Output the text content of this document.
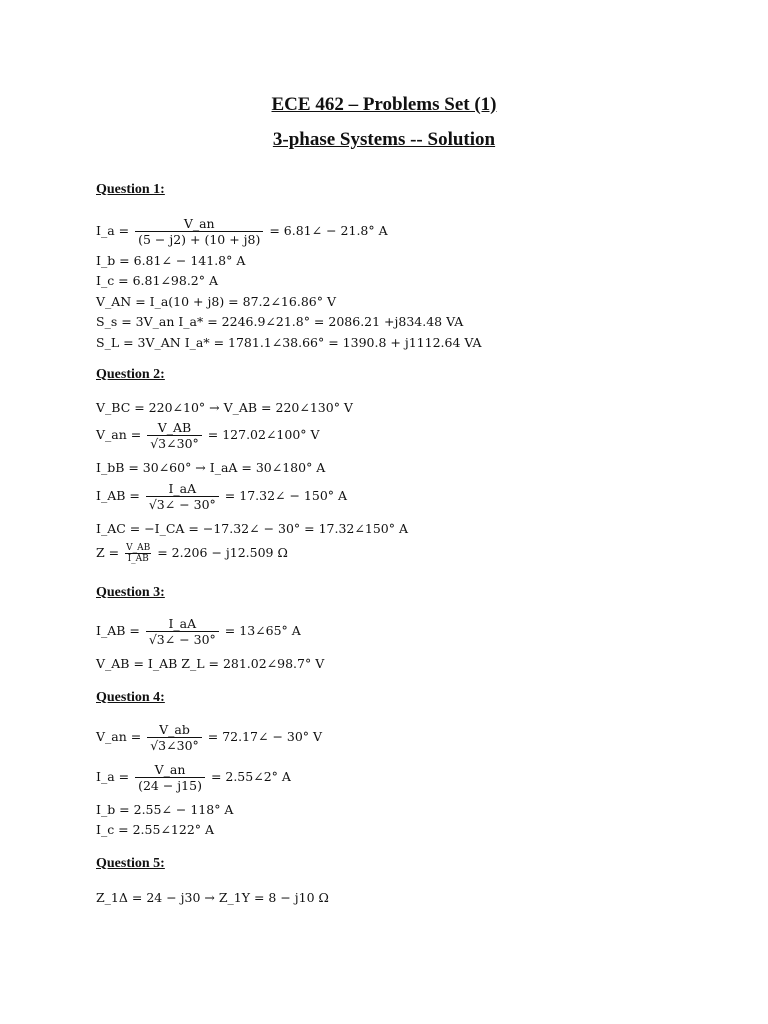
ECE 462 – Problems Set (1)
3-phase Systems -- Solution
Question 1:
I_a = $\frac{V\_an}{(5 - j2) + (10 + j8)}$ = 6.81∠ − 21.8° A
I_b = 6.81∠ − 141.8° A
I_c = 6.81∠98.2° A
V_AN = I_a(10 + j8) = 87.2∠16.86° V
S_s = 3V_an I_a* = 2246.9∠21.8° = 2086.21 +j834.48 VA
S_L = 3V_AN I_a* = 1781.1∠38.66° = 1390.8 + j1112.64 VA
Question 2:
V_BC = 220∠10° → V_AB = 220∠130° V
V_an = $\frac{V\_AB}{√3\angle 30^\circ}$ = 127.02∠100° V
I_bB = 30∠60° → I_aA = 30∠180° A
I_AB = $\frac{I\_aA}{√3\angle - 30^\circ}$ = 17.32∠ − 150° A
I_AC = −I_CA = −17.32∠ − 30° = 17.32∠150° A
$Z = \frac{V\_AB}{I\_AB} = 2.206 - j12.509$ Ω
Question 3:
I_AB = $\frac{I\_aA}{√3\angle - 30^\circ}$ = 13∠65° A
V_AB = I_AB Z_L = 281.02∠98.7° V
Question 4:
V_an = $\frac{V\_ab}{√3\angle 30^\circ}$ = 72.17∠ − 30° V
I_a = $\frac{V\_an}{(24 - j15)}$ = 2.55∠2° A
I_b = 2.55∠ − 118° A
I_c = 2.55∠122° A
Question 5:
Z_1Δ = 24 − j30 → Z_1Y = 8 − j10 Ω
